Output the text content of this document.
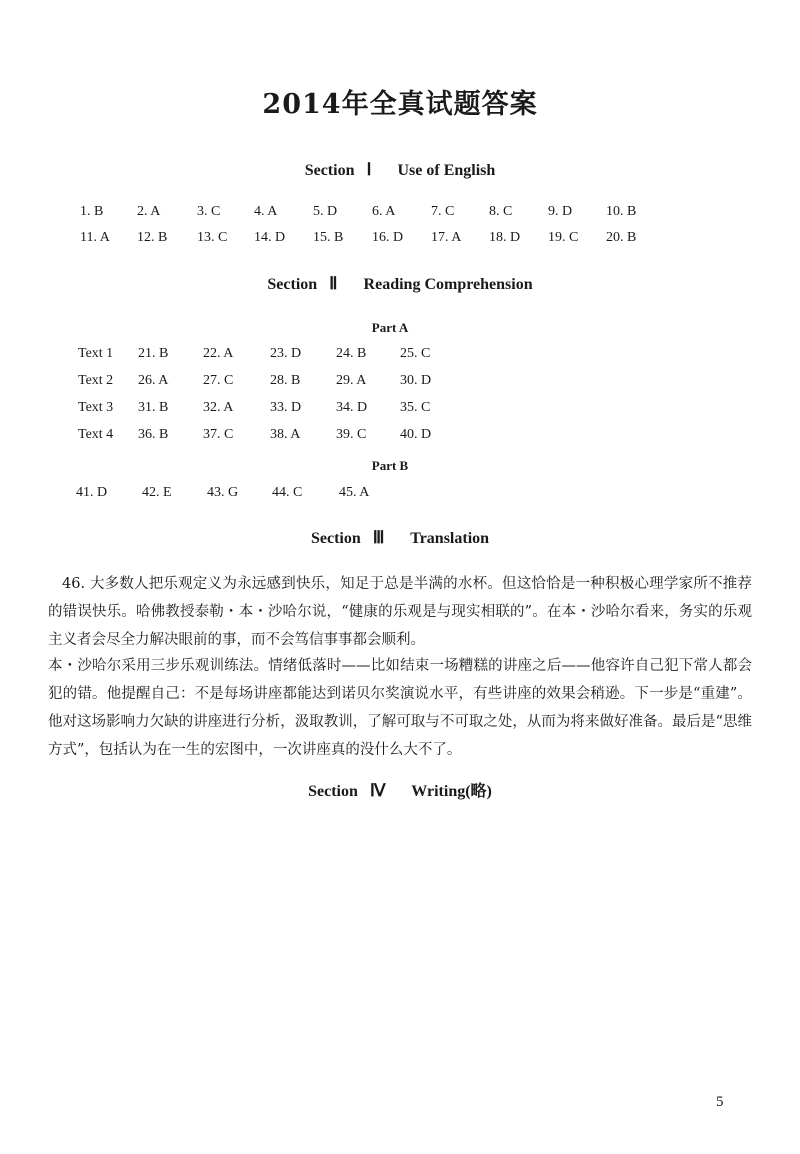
2014年全真试题答案
Section Ⅰ Use of English
1. B 2. A	3. C 4. A	5. D 6. A	7. C 8. C	9. D 10. B
11. A 12. B 13. C 14. D 15. B 16. D 17. A 18. D 19. C 20. B
Section Ⅱ Reading Comprehension
Part A
Text 1 21. B 22. A	23. D 24. B 25. C
Text 2 26. A 27. C	28. B	29. A 30. D
Text 3 31. B 32. A	33. D 34. D 35. C
Text 4 36. B 37. C	38. A	39. C 40. D
Part B
41. D 42. E	43. G 44. C	45. A
Section Ⅲ Translation

46. 大多数人把乐观定义为永远感到快乐，知足于总是半满的水杯。但这恰恰是一种积极心理学家所不推荐的错误快乐。哈佛教授泰勒・本・沙哈尔说，“健康的乐观是与现实相联的”。在本・沙哈尔看来，务实的乐观主义者会尽全力解决眼前的事，而不会笃信事事都会顺利。

本・沙哈尔采用三步乐观训练法。情绪低落时——比如结束一场糟糕的讲座之后——他容许自己犯下常人都会犯的错。他提醒自己：不是每场讲座都能达到诺贝尔奖演说水平，有些讲座的效果会稍逊。下一步是“重建”。他对这场影响力欠缺的讲座进行分析，汲取教训，了解可取与不可取之处，从而为将来做好准备。最后是“思维方式”，包括认为在一生的宏图中，一次讲座真的没什么大不了。

Section Ⅳ Writing(略)
5
